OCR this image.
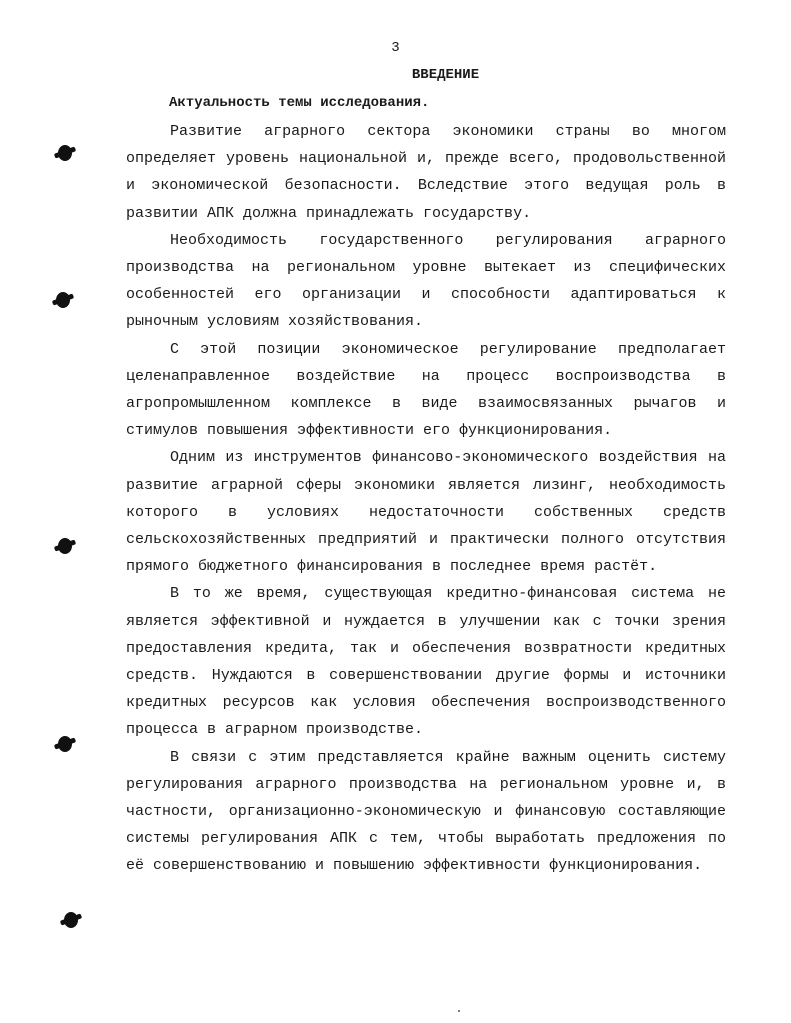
3
ВВЕДЕНИЕ
Актуальность темы исследования.

Развитие аграрного сектора экономики страны во многом определяет уровень национальной и, прежде всего, продовольственной и экономической безопасности. Вследствие этого ведущая роль в развитии АПК должна принадлежать государству.

Необходимость государственного регулирования аграрного производства на региональном уровне вытекает из специфических особенностей его организации и способности адаптироваться к рыночным условиям хозяйствования.

С этой позиции экономическое регулирование предполагает целенаправленное воздействие на процесс воспроизводства в агропромышленном комплексе в виде взаимосвязанных рычагов и стимулов повышения эффективности его функционирования.

Одним из инструментов финансово-экономического воздействия на развитие аграрной сферы экономики является лизинг, необходимость которого в условиях недостаточности собственных средств сельскохозяйственных предприятий и практически полного отсутствия прямого бюджетного финансирования в последнее время растёт.

В то же время, существующая кредитно-финансовая система не является эффективной и нуждается в улучшении как с точки зрения предоставления кредита, так и обеспечения возвратности кредитных средств. Нуждаются в совершенствовании другие формы и источники кредитных ресурсов как условия обеспечения воспроизводственного процесса в аграрном производстве.

В связи с этим представляется крайне важным оценить систему регулирования аграрного производства на региональном уровне и, в частности, организационно-экономическую и финансовую составляющие системы регулирования АПК с тем, чтобы выработать предложения по её совершенствованию и повышению эффективности функционирования.
